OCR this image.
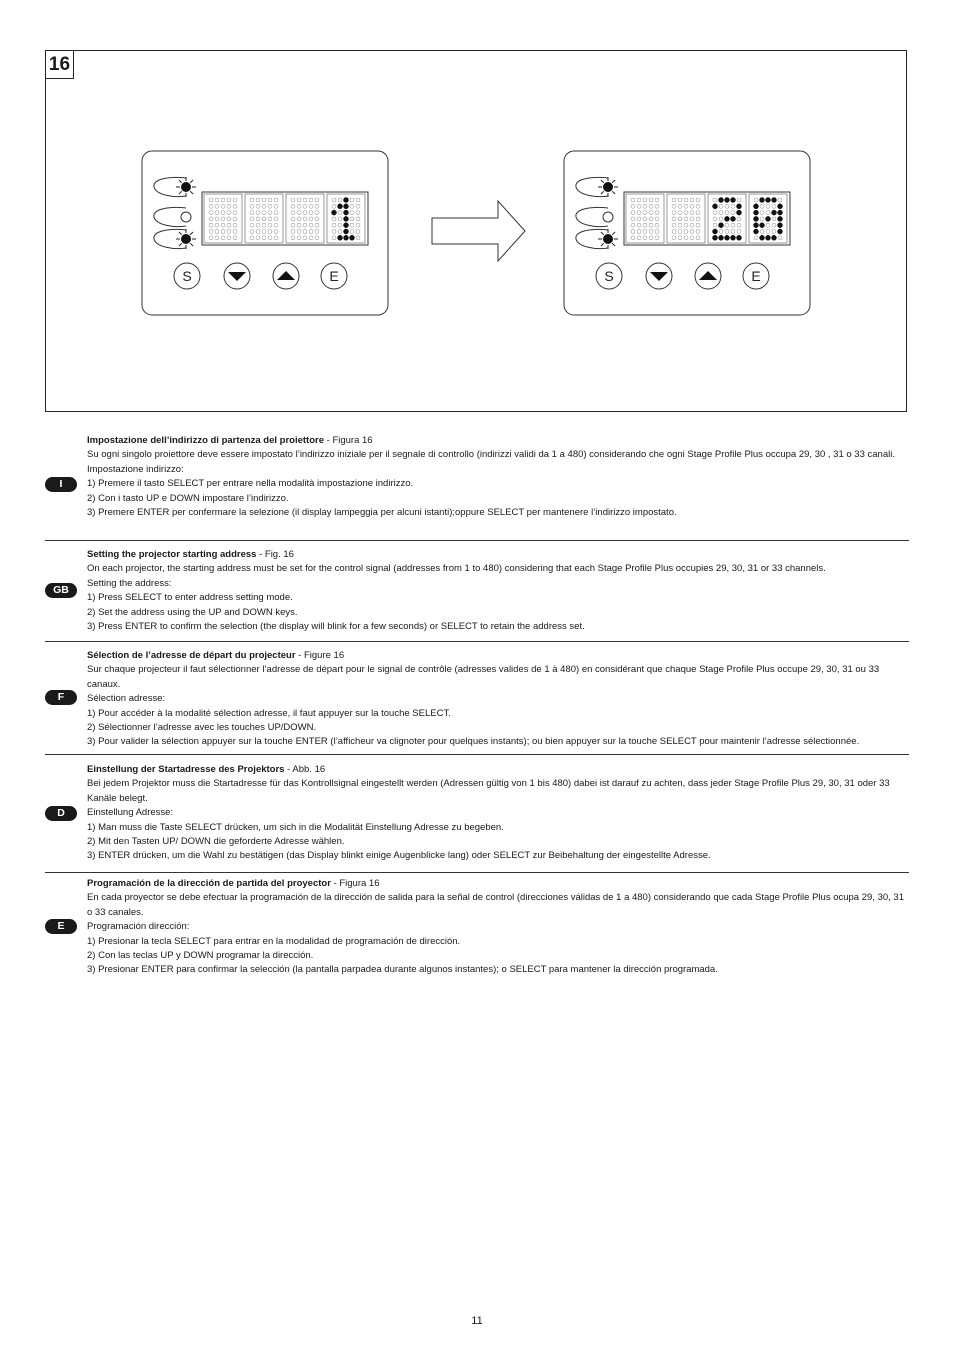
S	E	S	E
16

Impostazione dell’indirizzo di partenza del proiettore - Figura 16

Su ogni singolo proiettore deve essere impostato l’indirizzo iniziale per il segnale di controllo (indirizzi validi da 1 a 480) considerando che ogni Stage Profile Plus occupa 29, 30 , 31 o 33 canali.

Impostazione indirizzo:

1) Premere il tasto SELECT per entrare nella modalità impostazione indirizzo.

2) Con i tasto UP e DOWN impostare l’indirizzo.

3) Premere ENTER per confermare la selezione (il display lampeggia per alcuni istanti);oppure SELECT per mantenere l’indirizzo impostato.

I

Setting the projector starting address - Fig. 16

On each projector, the starting address must be set for the control signal (addresses from 1 to 480) considering that each Stage Profile Plus occupies 29, 30, 31 or 33 channels.

Setting the address:

1) Press SELECT to enter address setting mode.

2) Set the address using the UP and DOWN keys.

3) Press ENTER to confirm the selection (the display will blink for a few seconds) or SELECT to retain the address set.

GB

Sélection de l’adresse de départ du projecteur - Figure 16

Sur chaque projecteur il faut sélectionner l’adresse de départ pour le signal de contrôle (adresses valides de 1 à 480) en considérant que chaque Stage Profile Plus occupe 29, 30, 31 ou 33 canaux.

Sélection adresse:

1) Pour accéder à la modalité sélection adresse, il faut appuyer sur la touche SELECT.

2) Sélectionner l’adresse avec les touches UP/DOWN.

3) Pour valider la sélection appuyer sur la touche ENTER (l’afficheur va clignoter pour quelques instants); ou bien appuyer sur la touche SELECT pour maintenir l’adresse sélectionnée.

F

Einstellung der Startadresse des Projektors - Abb. 16

Bei jedem Projektor muss die Startadresse für das Kontrollsignal eingestellt werden (Adressen gültig von 1 bis 480) dabei ist darauf zu achten, dass jeder Stage Profile Plus 29, 30, 31 oder 33 Kanäle belegt.

Einstellung Adresse:

1) Man muss die Taste SELECT drücken, um sich in die Modalität Einstellung Adresse zu begeben.

2) Mit den Tasten UP/ DOWN die geforderte Adresse wählen.

3) ENTER drücken, um die Wahl zu bestätigen (das Display blinkt einige Augenblicke lang) oder SELECT zur Beibehaltung der eingestellte Adresse.

D

Programación de la dirección de partida del proyector - Figura 16

En cada proyector se debe efectuar la programación de la dirección de salida para la señal de control (direcciones válidas de 1 a 480) considerando que cada Stage Profile Plus ocupa 29, 30, 31 o 33 canales.

Programación dirección:

1) Presionar la tecla SELECT para entrar en la modalidad de programación de dirección.

2) Con las teclas UP y DOWN programar la dirección.

3) Presionar ENTER para confirmar la selección (la pantalla parpadea durante algunos instantes); o SELECT para mantener la dirección programada.

E
11
